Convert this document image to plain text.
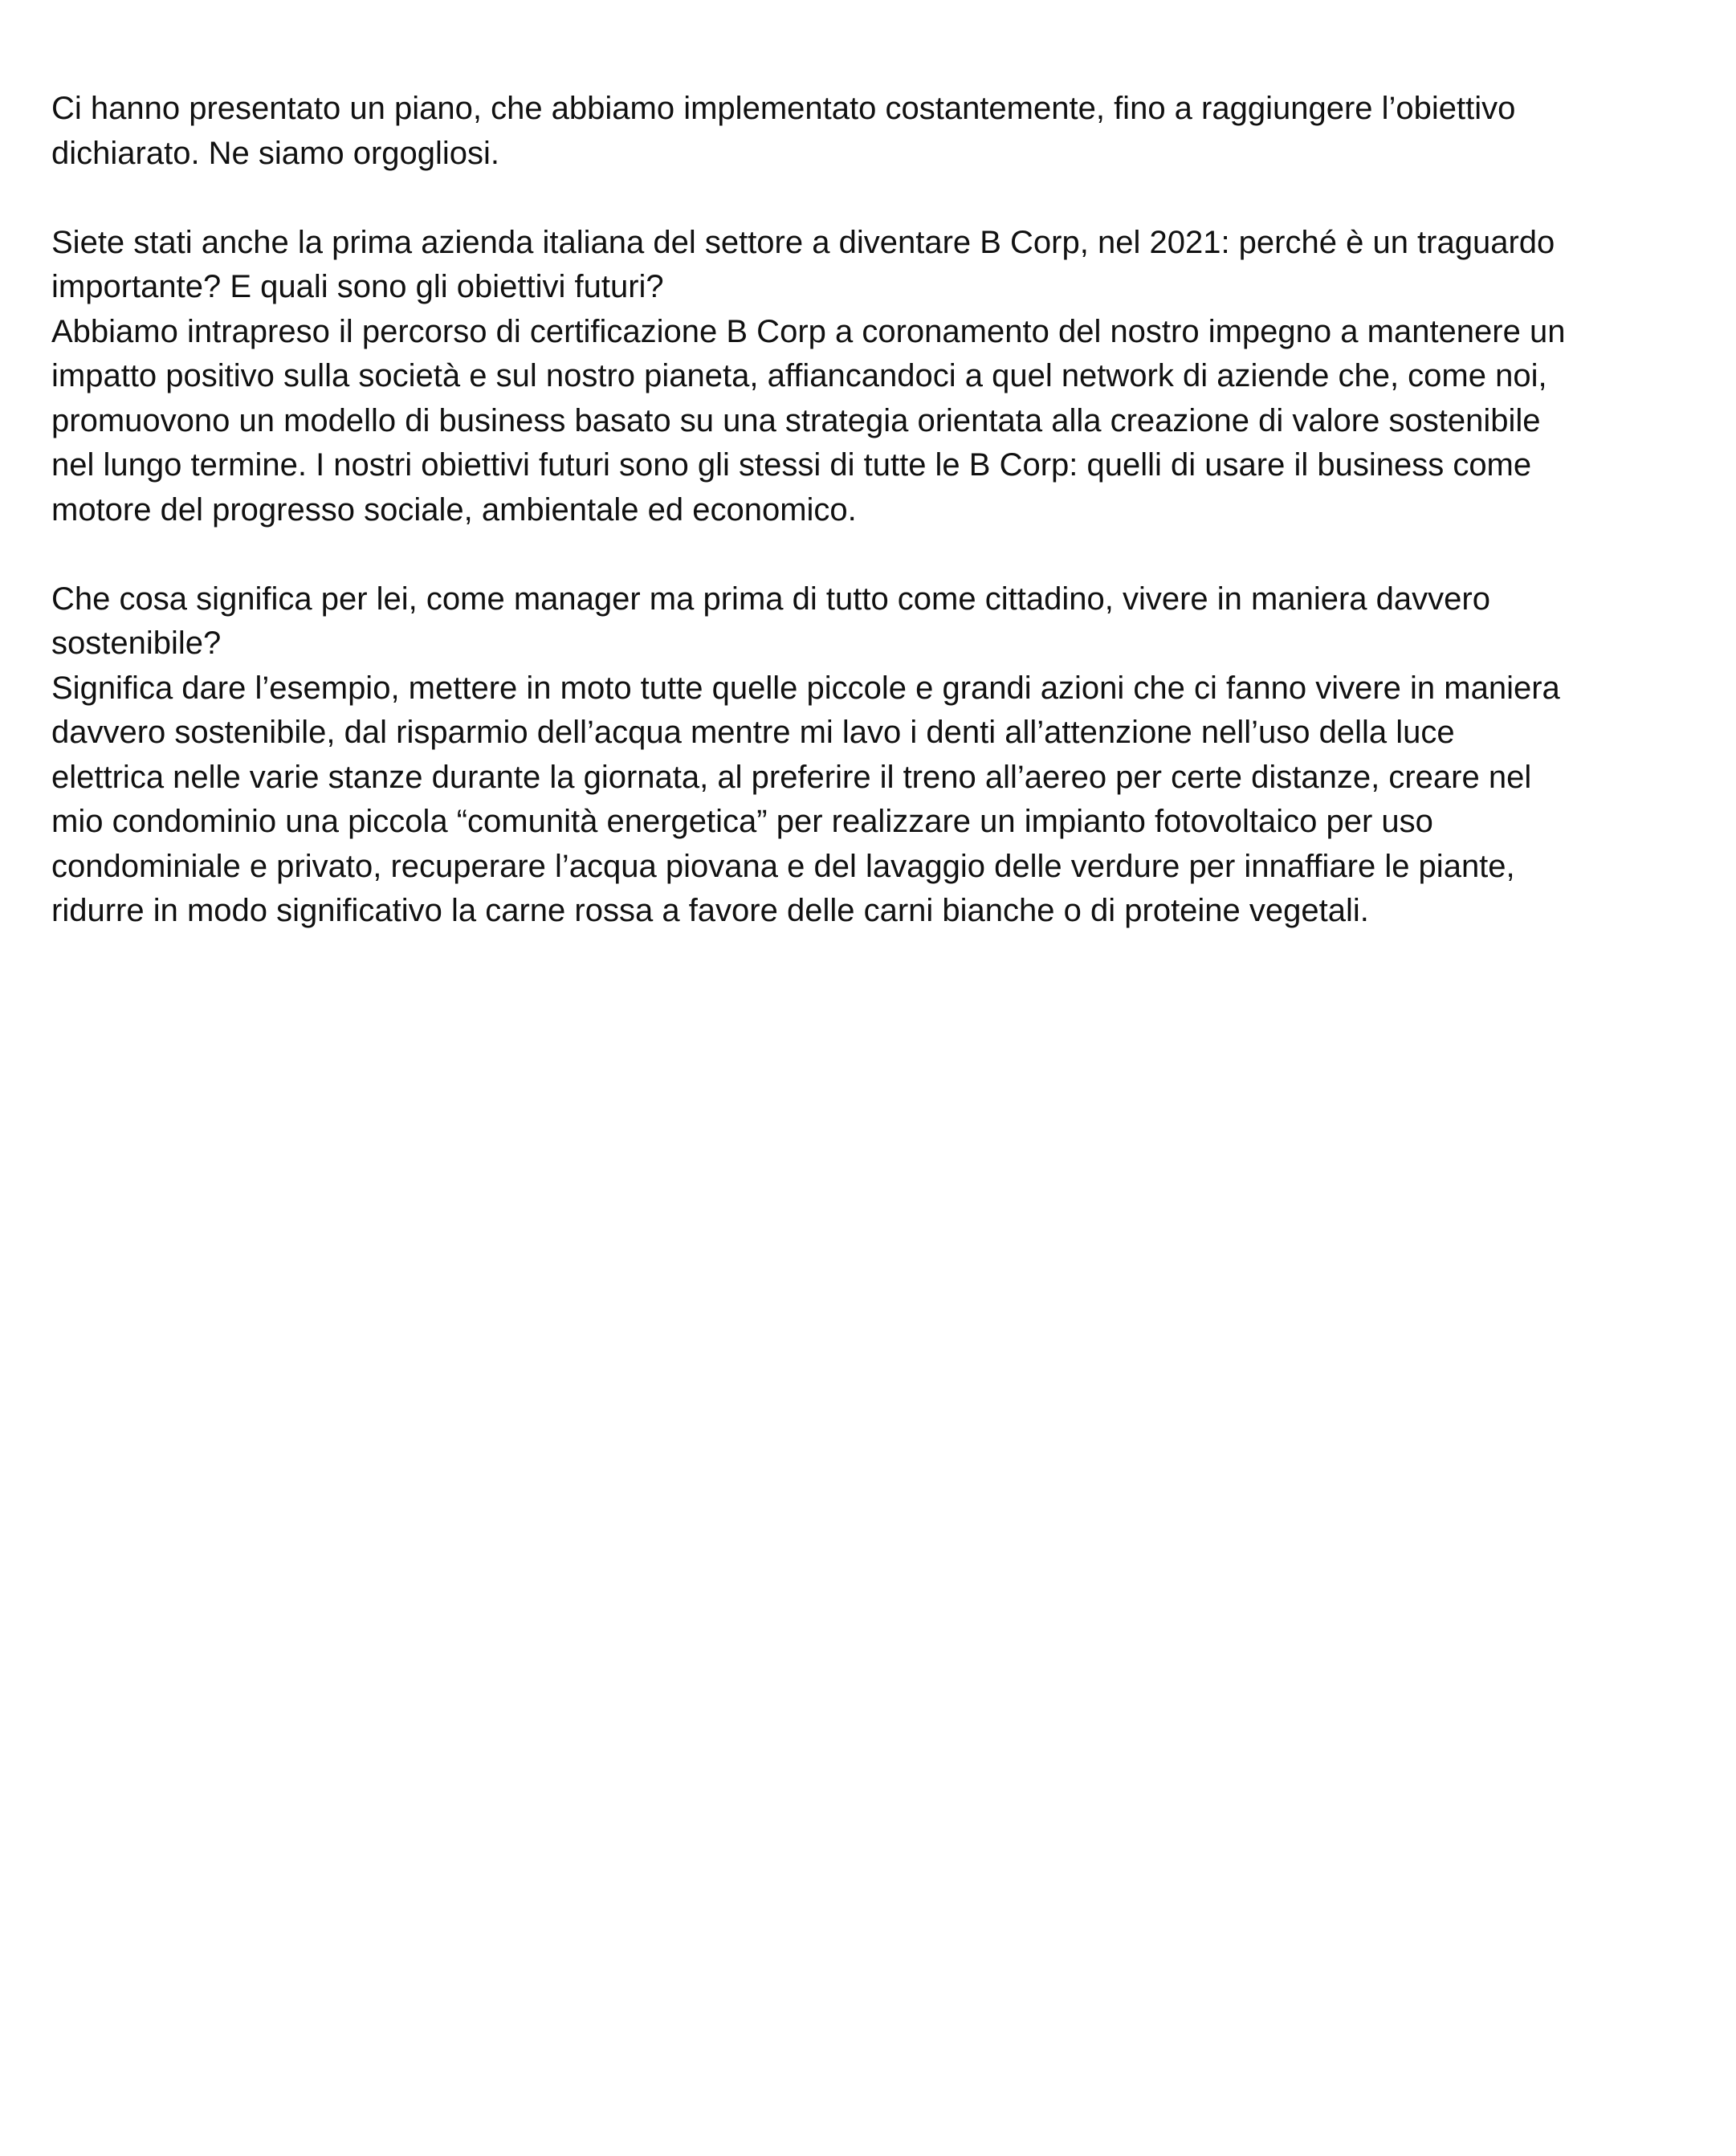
Ci hanno presentato un piano, che abbiamo implementato costantemente, fino a raggiungere l’obiettivo
dichiarato. Ne siamo orgogliosi.

Siete stati anche la prima azienda italiana del settore a diventare B Corp, nel 2021: perché è un traguardo
importante? E quali sono gli obiettivi futuri?

Abbiamo intrapreso il percorso di certificazione B Corp a coronamento del nostro impegno a mantenere un
impatto positivo sulla società e sul nostro pianeta, affiancandoci a quel network di aziende che, come noi,
promuovono un modello di business basato su una strategia orientata alla creazione di valore sostenibile
nel lungo termine. I nostri obiettivi futuri sono gli stessi di tutte le B Corp: quelli di usare il business come
motore del progresso sociale, ambientale ed economico.

Che cosa significa per lei, come manager ma prima di tutto come cittadino, vivere in maniera davvero
sostenibile?

Significa dare l’esempio, mettere in moto tutte quelle piccole e grandi azioni che ci fanno vivere in maniera
davvero sostenibile, dal risparmio dell’acqua mentre mi lavo i denti all’attenzione nell’uso della luce
elettrica nelle varie stanze durante la giornata, al preferire il treno all’aereo per certe distanze, creare nel
mio condominio una piccola “comunità energetica” per realizzare un impianto fotovoltaico per uso
condominiale e privato, recuperare l’acqua piovana e del lavaggio delle verdure per innaffiare le piante,
ridurre in modo significativo la carne rossa a favore delle carni bianche o di proteine vegetali.
